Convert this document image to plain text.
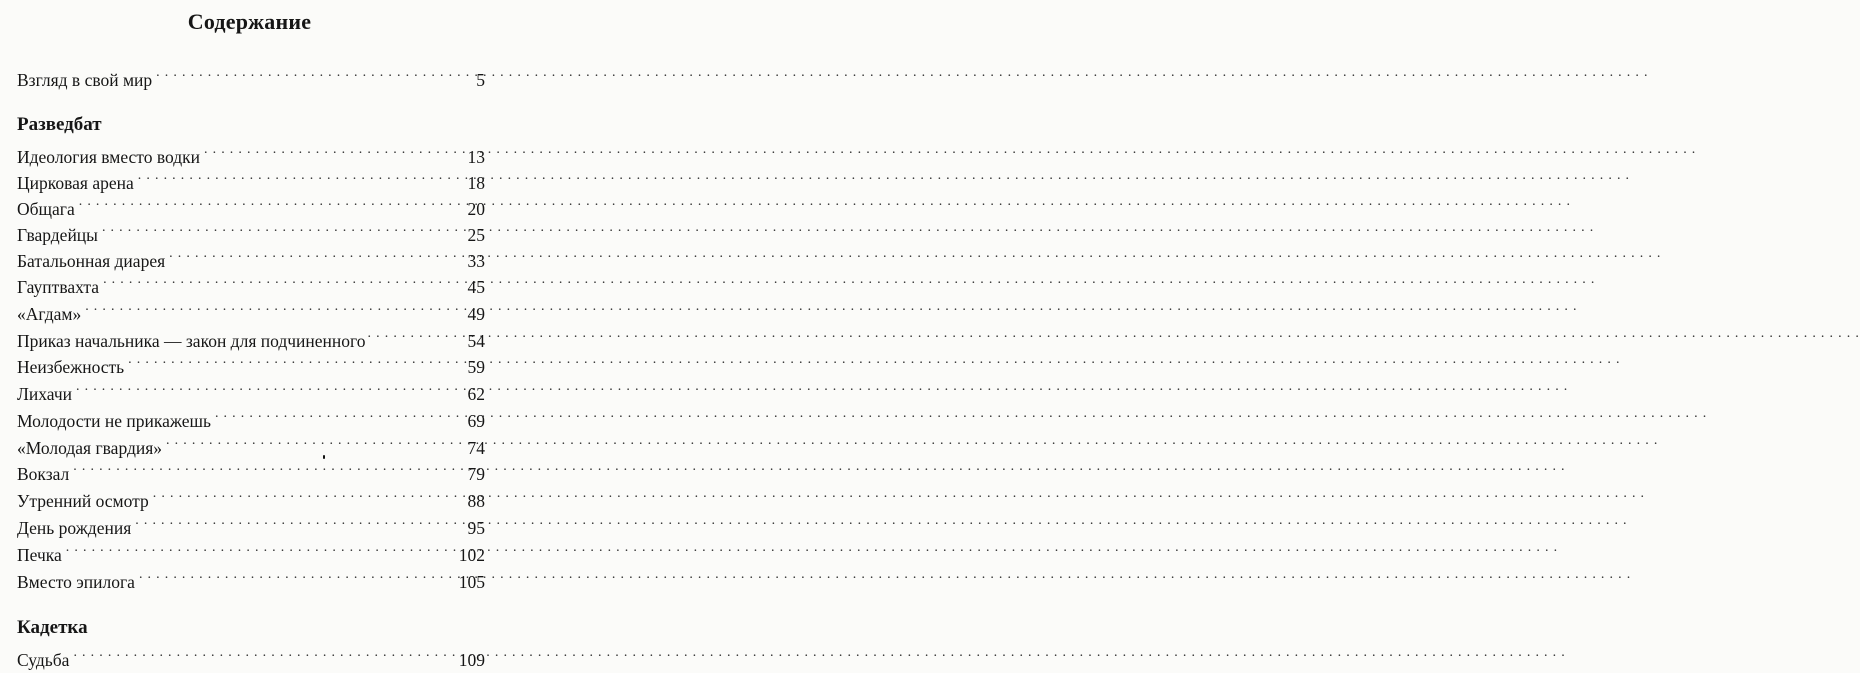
Содержание
Взгляд в свой мир . . .	5
Разведбат
Идеология вместо водки . . .	13
Цирковая арена . . .	18
Общага . . .	20
Гвардейцы . . .	25
Батальонная диарея . . .	33
Гауптвахта . . .	45
«Агдам» . . .	49
Приказ начальника — закон для подчиненного . . .	54
Неизбежность . . .	59
Лихачи . . .	62
Молодости не прикажешь . . .	69
«Молодая гвардия» . . .	74
Вокзал . . .	79
Утренний осмотр . . .	88
День рождения . . .	95
Печка . . .	102
Вместо эпилога . . .	105
Кадетка
Судьба . . .	109
